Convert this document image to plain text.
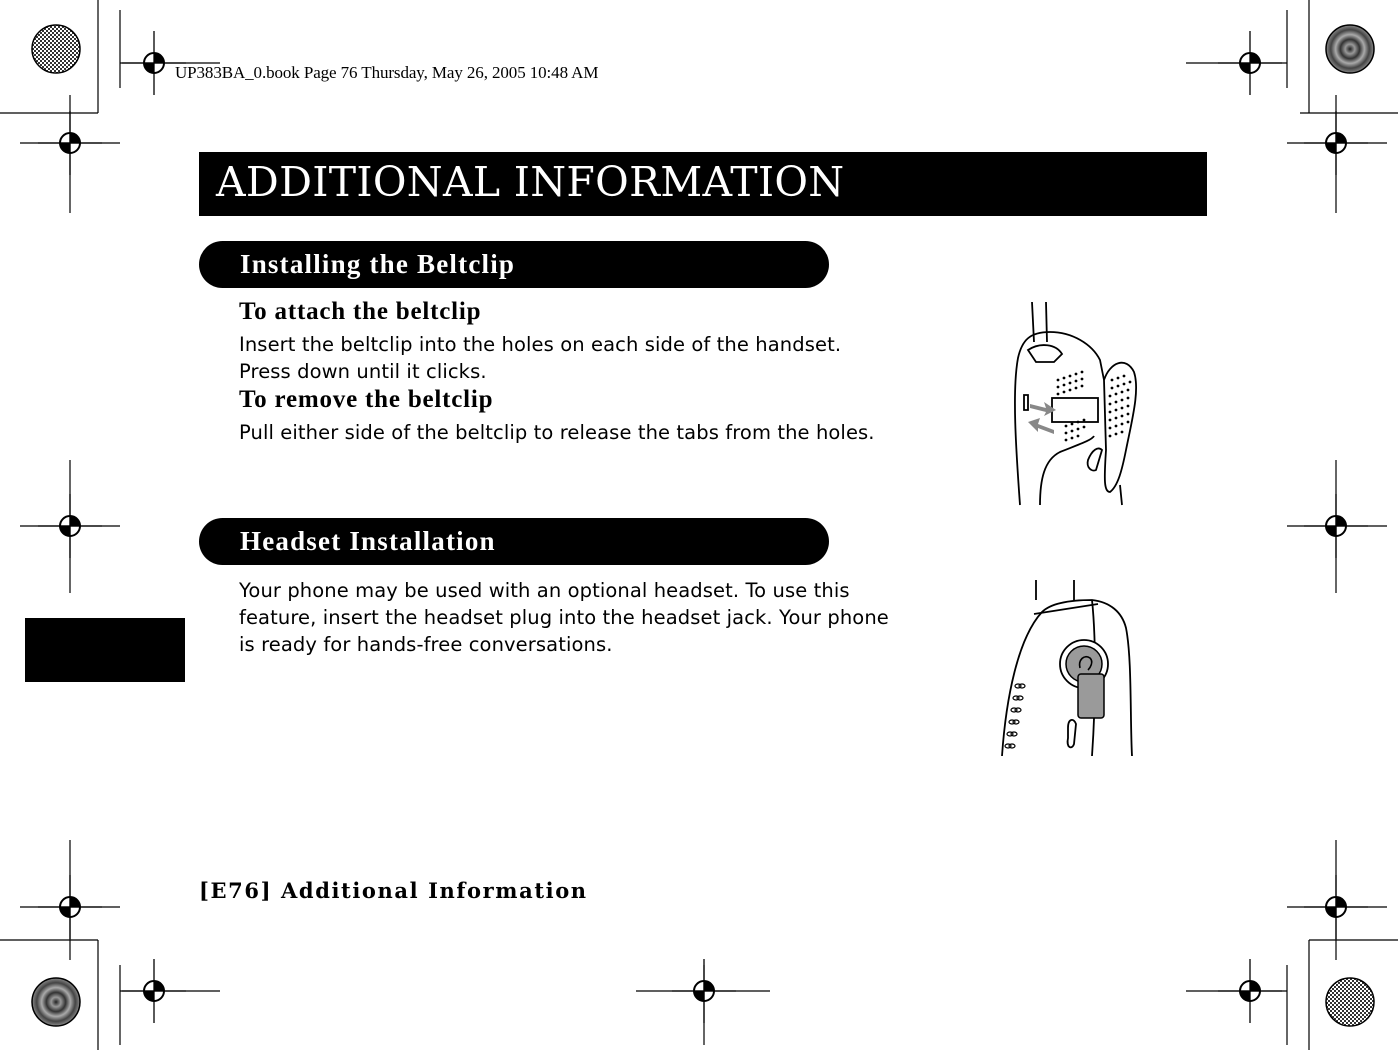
UP383BA_0.book Page 76 Thursday, May 26, 2005 10:48 AM
ADDITIONAL INFORMATION
Installing the Beltclip
To attach the beltclip
Insert the beltclip into the holes on each side of the handset.
Press down until it clicks.
To remove the beltclip
Pull either side of the beltclip to release the tabs from the holes.
Headset Installation
Your phone may be used with an optional headset. To use this
feature, insert the headset plug into the headset jack. Your phone
is ready for hands-free conversations.
[E76] Additional Information
